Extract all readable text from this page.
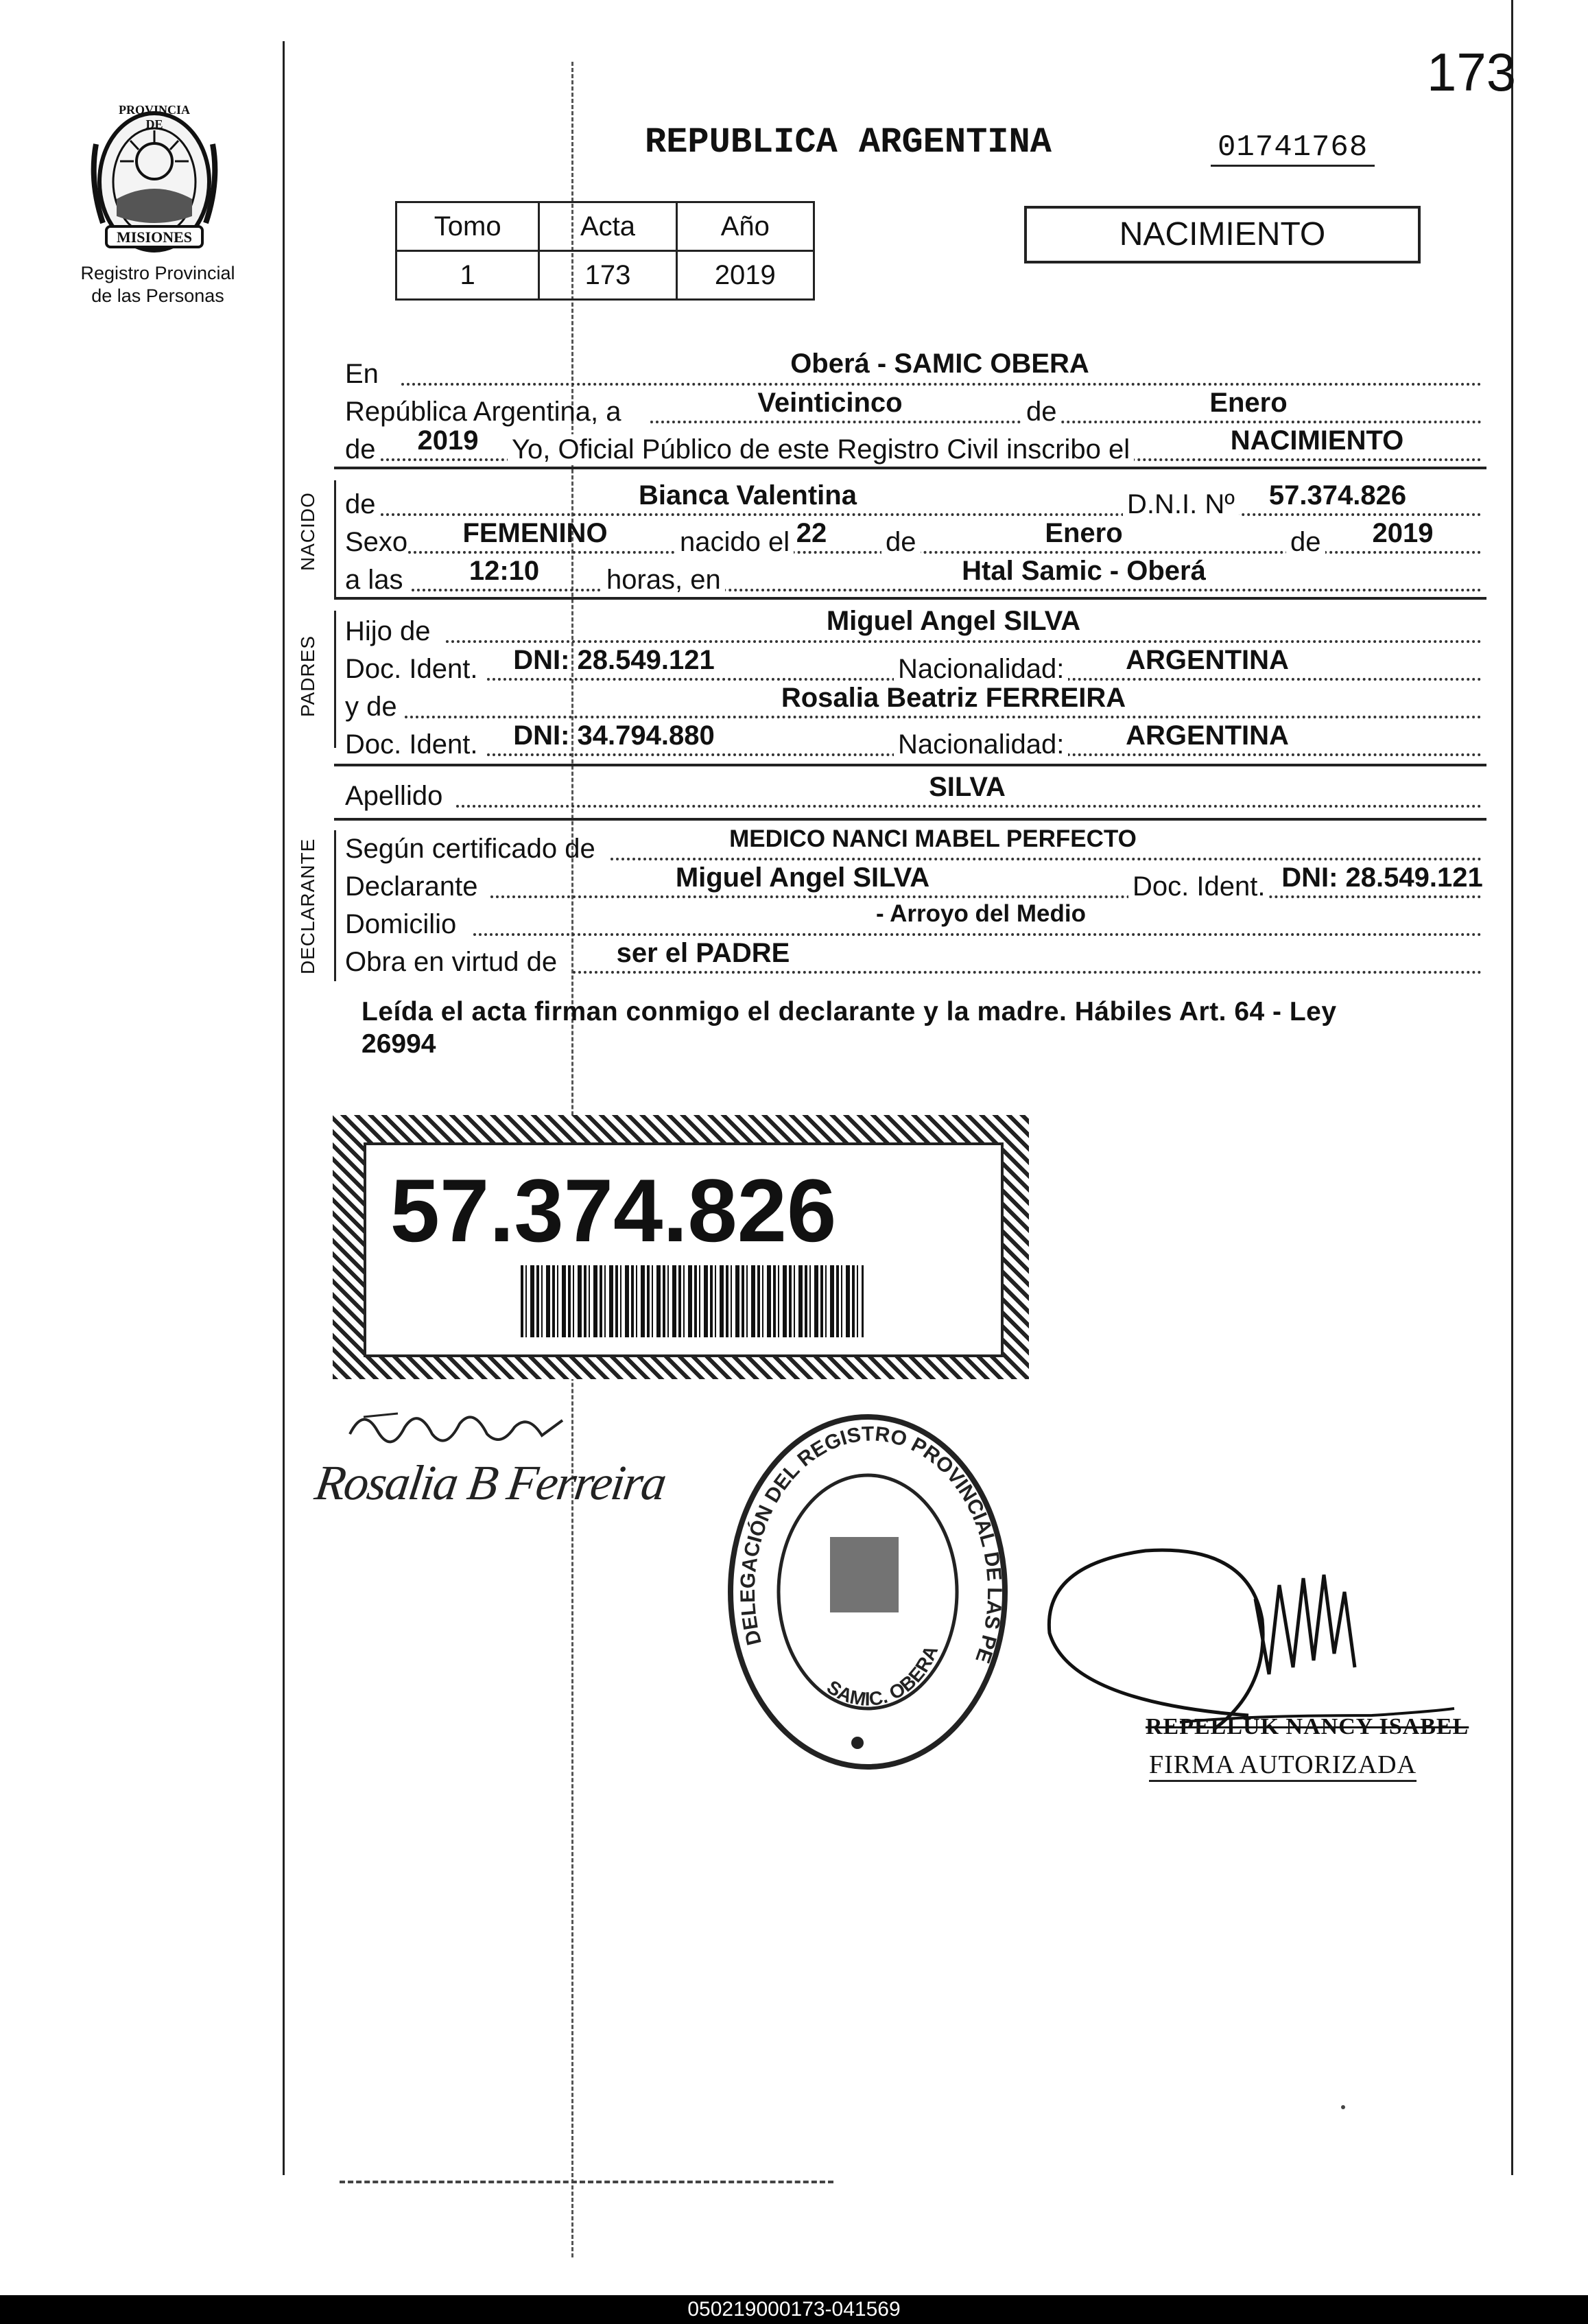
173
MISIONES
PROVINCIA DE
Registro Provincial
de las Personas
REPUBLICA ARGENTINA	01741768
NACIMIENTO
Tomo	Acta	Año
1	173	2019
En	Oberá - SAMIC OBERA
República Argentina, a	Veinticinco	de	Enero
de	2019	Yo, Oficial Público de este Registro Civil inscribo el	NACIMIENTO
NACIDO de	Bianca Valentina	D.N.I. Nº	57.374.826
Sexo	FEMENINO	nacido el 22	de	Enero	de	2019
a las	12:10	horas, en	Htal Samic - Oberá
PADRES
Hijo de	Miguel Angel SILVA
Doc. Ident.	DNI: 28.549.121	Nacionalidad:	ARGENTINA
y de	Rosalia Beatriz FERREIRA
Doc. Ident.	DNI: 34.794.880	Nacionalidad:	ARGENTINA
Apellido	SILVA
DECLARANTE Según certificado de	MEDICO NANCI MABEL PERFECTO
Declarante	Miguel Angel SILVA	Doc. Ident. DNI: 28.549.121
Domicilio	- Arroyo del Medio
Obra en virtud de	ser el PADRE
Leída el acta firman conmigo el declarante y la madre. Hábiles Art. 64 - Ley
26994
57.374.826
Rosalia B Ferreira
DELEGACIÓN DEL REGISTRO PROVINCIAL DE LAS PE
SAMIC. OBERA
REPELLUK NANCY ISABEL
FIRMA AUTORIZADA
050219000173-041569
